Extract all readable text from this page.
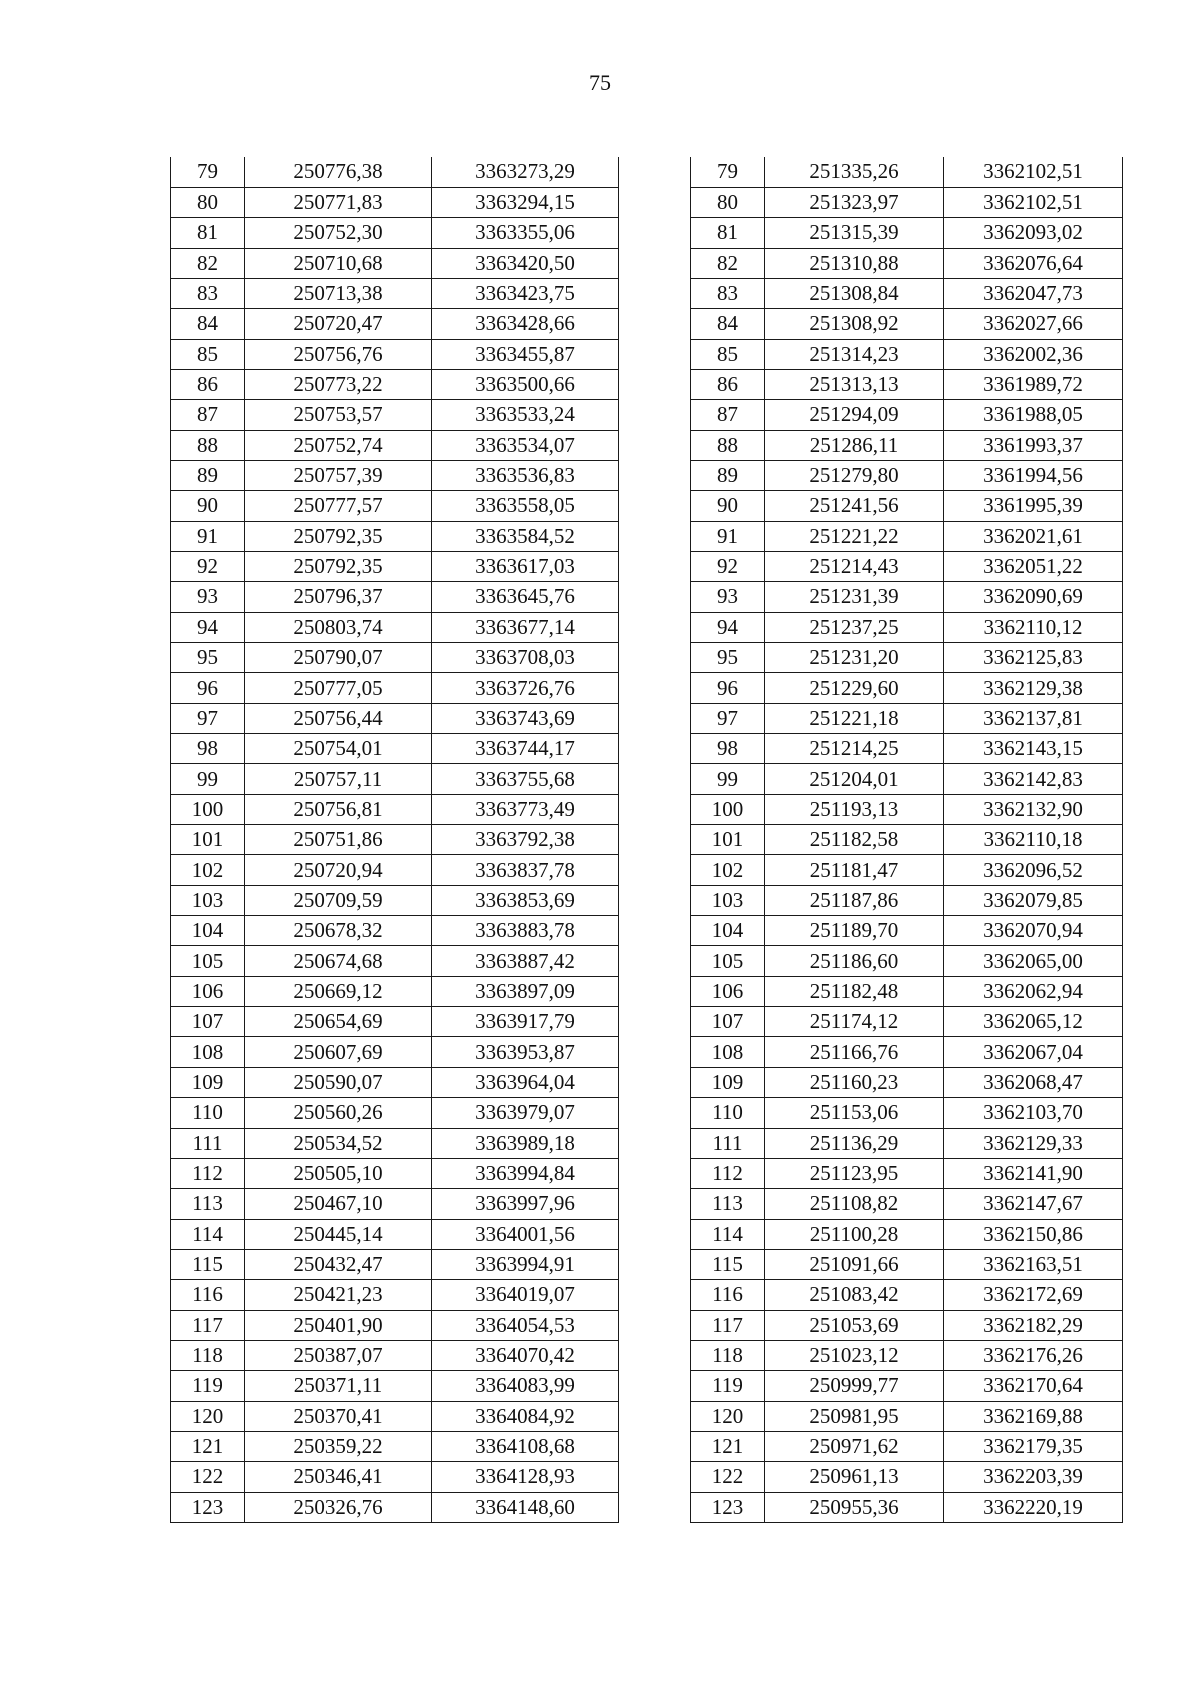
75
79	250776,38	3363273,29
80	250771,83	3363294,15
81	250752,30	3363355,06
82	250710,68	3363420,50
83	250713,38	3363423,75
84	250720,47	3363428,66
85	250756,76	3363455,87
86	250773,22	3363500,66
87	250753,57	3363533,24
88	250752,74	3363534,07
89	250757,39	3363536,83
90	250777,57	3363558,05
91	250792,35	3363584,52
92	250792,35	3363617,03
93	250796,37	3363645,76
94	250803,74	3363677,14
95	250790,07	3363708,03
96	250777,05	3363726,76
97	250756,44	3363743,69
98	250754,01	3363744,17
99	250757,11	3363755,68
100	250756,81	3363773,49
101	250751,86	3363792,38
102	250720,94	3363837,78
103	250709,59	3363853,69
104	250678,32	3363883,78
105	250674,68	3363887,42
106	250669,12	3363897,09
107	250654,69	3363917,79
108	250607,69	3363953,87
109	250590,07	3363964,04
110	250560,26	3363979,07
111	250534,52	3363989,18
112	250505,10	3363994,84
113	250467,10	3363997,96
114	250445,14	3364001,56
115	250432,47	3363994,91
116	250421,23	3364019,07
117	250401,90	3364054,53
118	250387,07	3364070,42
119	250371,11	3364083,99
120	250370,41	3364084,92
121	250359,22	3364108,68
122	250346,41	3364128,93
123	250326,76	3364148,60
79	251335,26	3362102,51
80	251323,97	3362102,51
81	251315,39	3362093,02
82	251310,88	3362076,64
83	251308,84	3362047,73
84	251308,92	3362027,66
85	251314,23	3362002,36
86	251313,13	3361989,72
87	251294,09	3361988,05
88	251286,11	3361993,37
89	251279,80	3361994,56
90	251241,56	3361995,39
91	251221,22	3362021,61
92	251214,43	3362051,22
93	251231,39	3362090,69
94	251237,25	3362110,12
95	251231,20	3362125,83
96	251229,60	3362129,38
97	251221,18	3362137,81
98	251214,25	3362143,15
99	251204,01	3362142,83
100	251193,13	3362132,90
101	251182,58	3362110,18
102	251181,47	3362096,52
103	251187,86	3362079,85
104	251189,70	3362070,94
105	251186,60	3362065,00
106	251182,48	3362062,94
107	251174,12	3362065,12
108	251166,76	3362067,04
109	251160,23	3362068,47
110	251153,06	3362103,70
111	251136,29	3362129,33
112	251123,95	3362141,90
113	251108,82	3362147,67
114	251100,28	3362150,86
115	251091,66	3362163,51
116	251083,42	3362172,69
117	251053,69	3362182,29
118	251023,12	3362176,26
119	250999,77	3362170,64
120	250981,95	3362169,88
121	250971,62	3362179,35
122	250961,13	3362203,39
123	250955,36	3362220,19
